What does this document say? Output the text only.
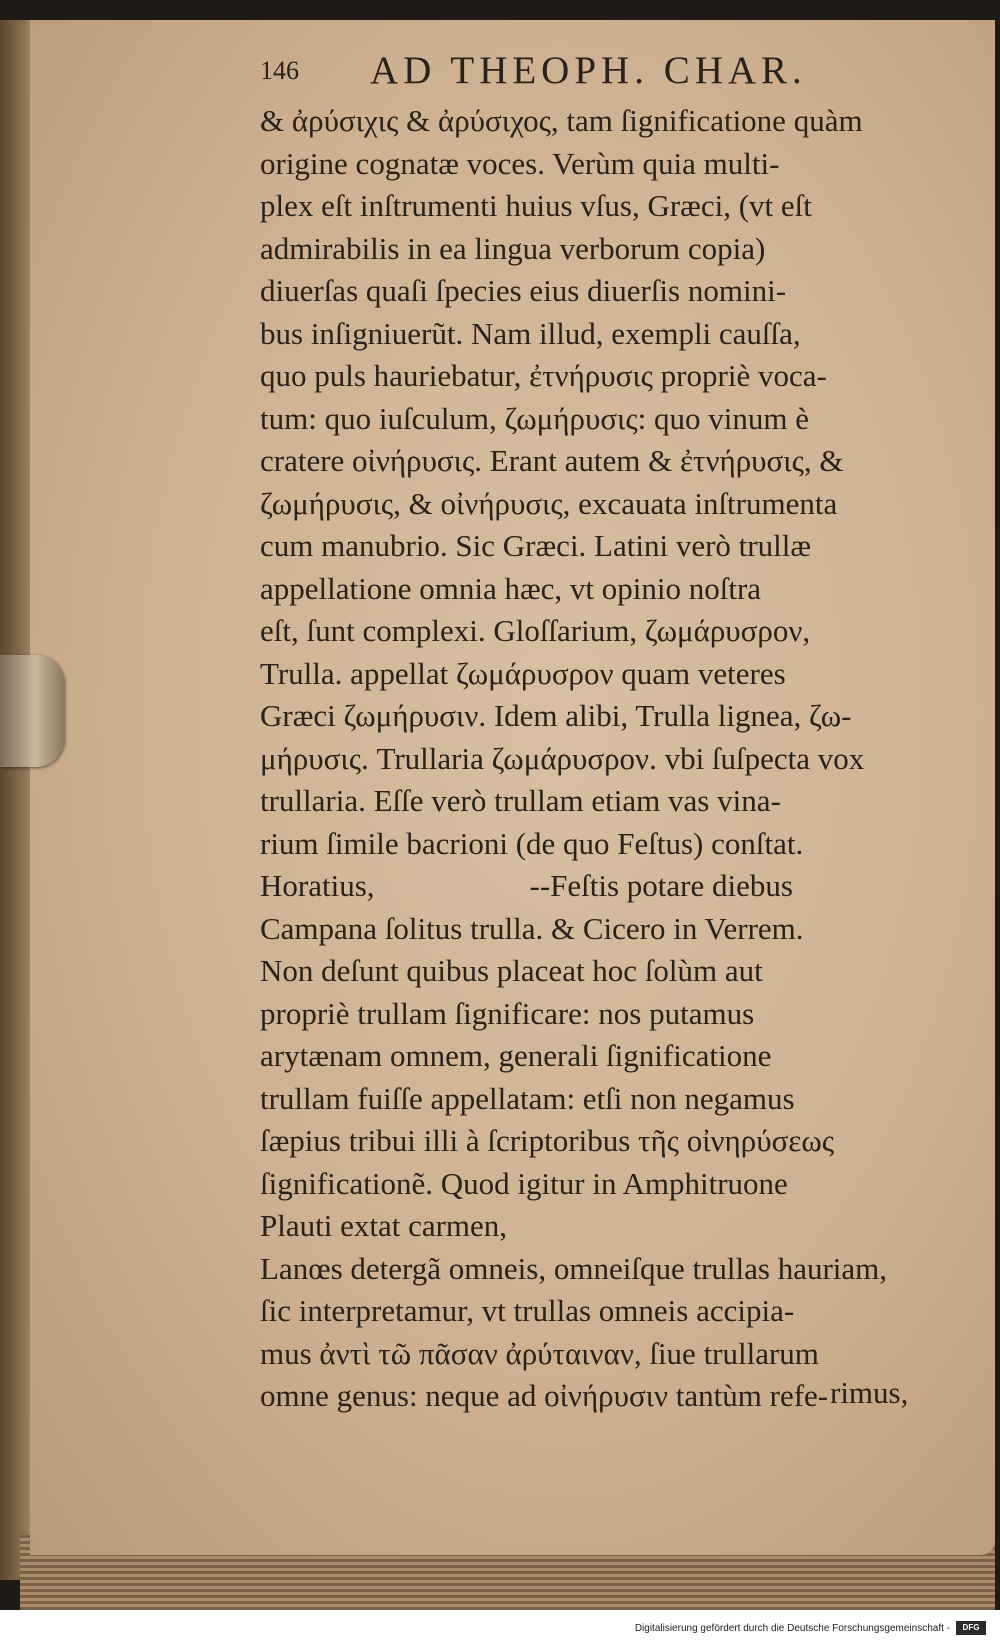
146 AD THEOPH. CHAR.
& ἀρύσιχις & ἀρύσιχος, tam ſignificatione quàm
origine cognatæ voces. Verùm quia multi-
plex eſt inſtrumenti huius vſus, Græci, (vt eſt
admirabilis in ea lingua verborum copia)
diuerſas quaſi ſpecies eius diuerſis nomini-
bus inſigniuerũt. Nam illud, exempli cauſſa,
quo puls hauriebatur, ἐτνήρυσις propriè voca-
tum: quo iuſculum, ζωμήρυσις: quo vinum è
cratere οἰνήρυσις. Erant autem & ἐτνήρυσις, &
ζωμήρυσις, & οἰνήρυσις, excauata inſtrumenta
cum manubrio. Sic Græci. Latini verò trullæ
appellatione omnia hæc, vt opinio noſtra
eſt, ſunt complexi. Gloſſarium, ζωμάρυσρον,
Trulla. appellat ζωμάρυσρον quam veteres
Græci ζωμήρυσιν. Idem alibi, Trulla lignea, ζω-
μήρυσις. Trullaria ζωμάρυσρον. vbi ſuſpecta vox
trullaria. Eſſe verò trullam etiam vas vina-
rium ſimile bacrioni (de quo Feſtus) conſtat.
Horatius,                    --Feſtis potare diebus
Campana ſolitus trulla. & Cicero in Verrem.
Non deſunt quibus placeat hoc ſolùm aut
propriè trullam ſignificare: nos putamus
arytænam omnem, generali ſignificatione
trullam fuiſſe appellatam: etſi non negamus
ſæpius tribui illi à ſcriptoribus τῆς οἰνηρύσεως
ſignificationẽ. Quod igitur in Amphitruone
Plauti extat carmen,
Lanœs detergã omneis, omneiſque trullas hauriam,
ſic interpretamur, vt trullas omneis accipia-
mus ἀντὶ τῶ πᾶσαν ἀρύταιναν, ſiue trullarum
omne genus: neque ad οἰνήρυσιν tantùm refe- rimus,
Digitalisierung gefördert durch die Deutsche Forschungsgemeinschaft -	DFG
